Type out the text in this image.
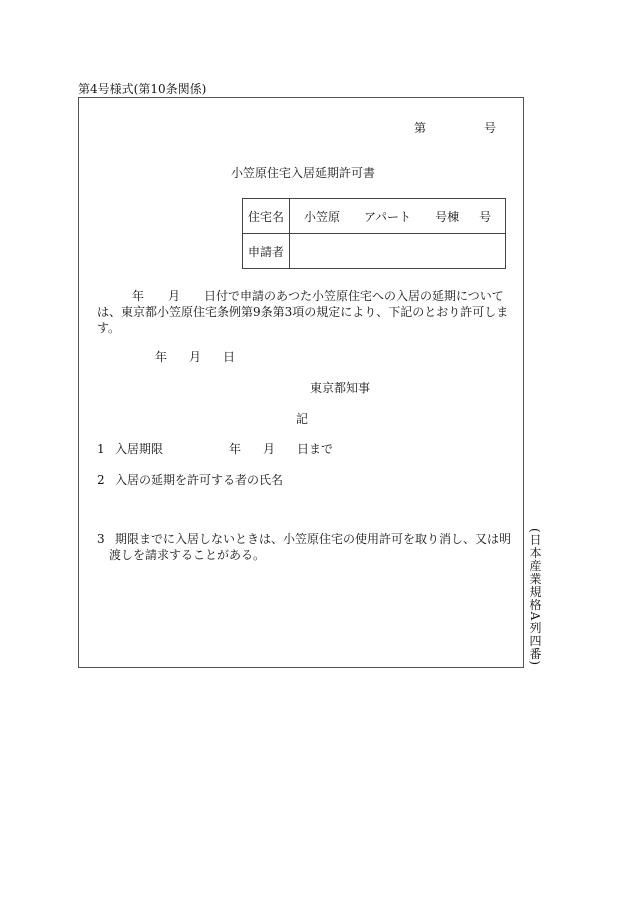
第4号様式(第10条関係)
第	号
小笠原住宅入居延期許可書
住宅名	小笠原 アパート 号棟 号
申請者	
年　　月　　日付で申請のあつた小笠原住宅への入居の延期については、東京都小笠原住宅条例第9条第3項の規定により、下記のとおり許可します。
年 月 日
東京都知事
記
1 入居期限	年 月 日まで
2 入居の延期を許可する者の氏名
3 期限までに入居しないときは、小笠原住宅の使用許可を取り消し、又は明
渡しを請求することがある。	(日本産業規格A列四番)
